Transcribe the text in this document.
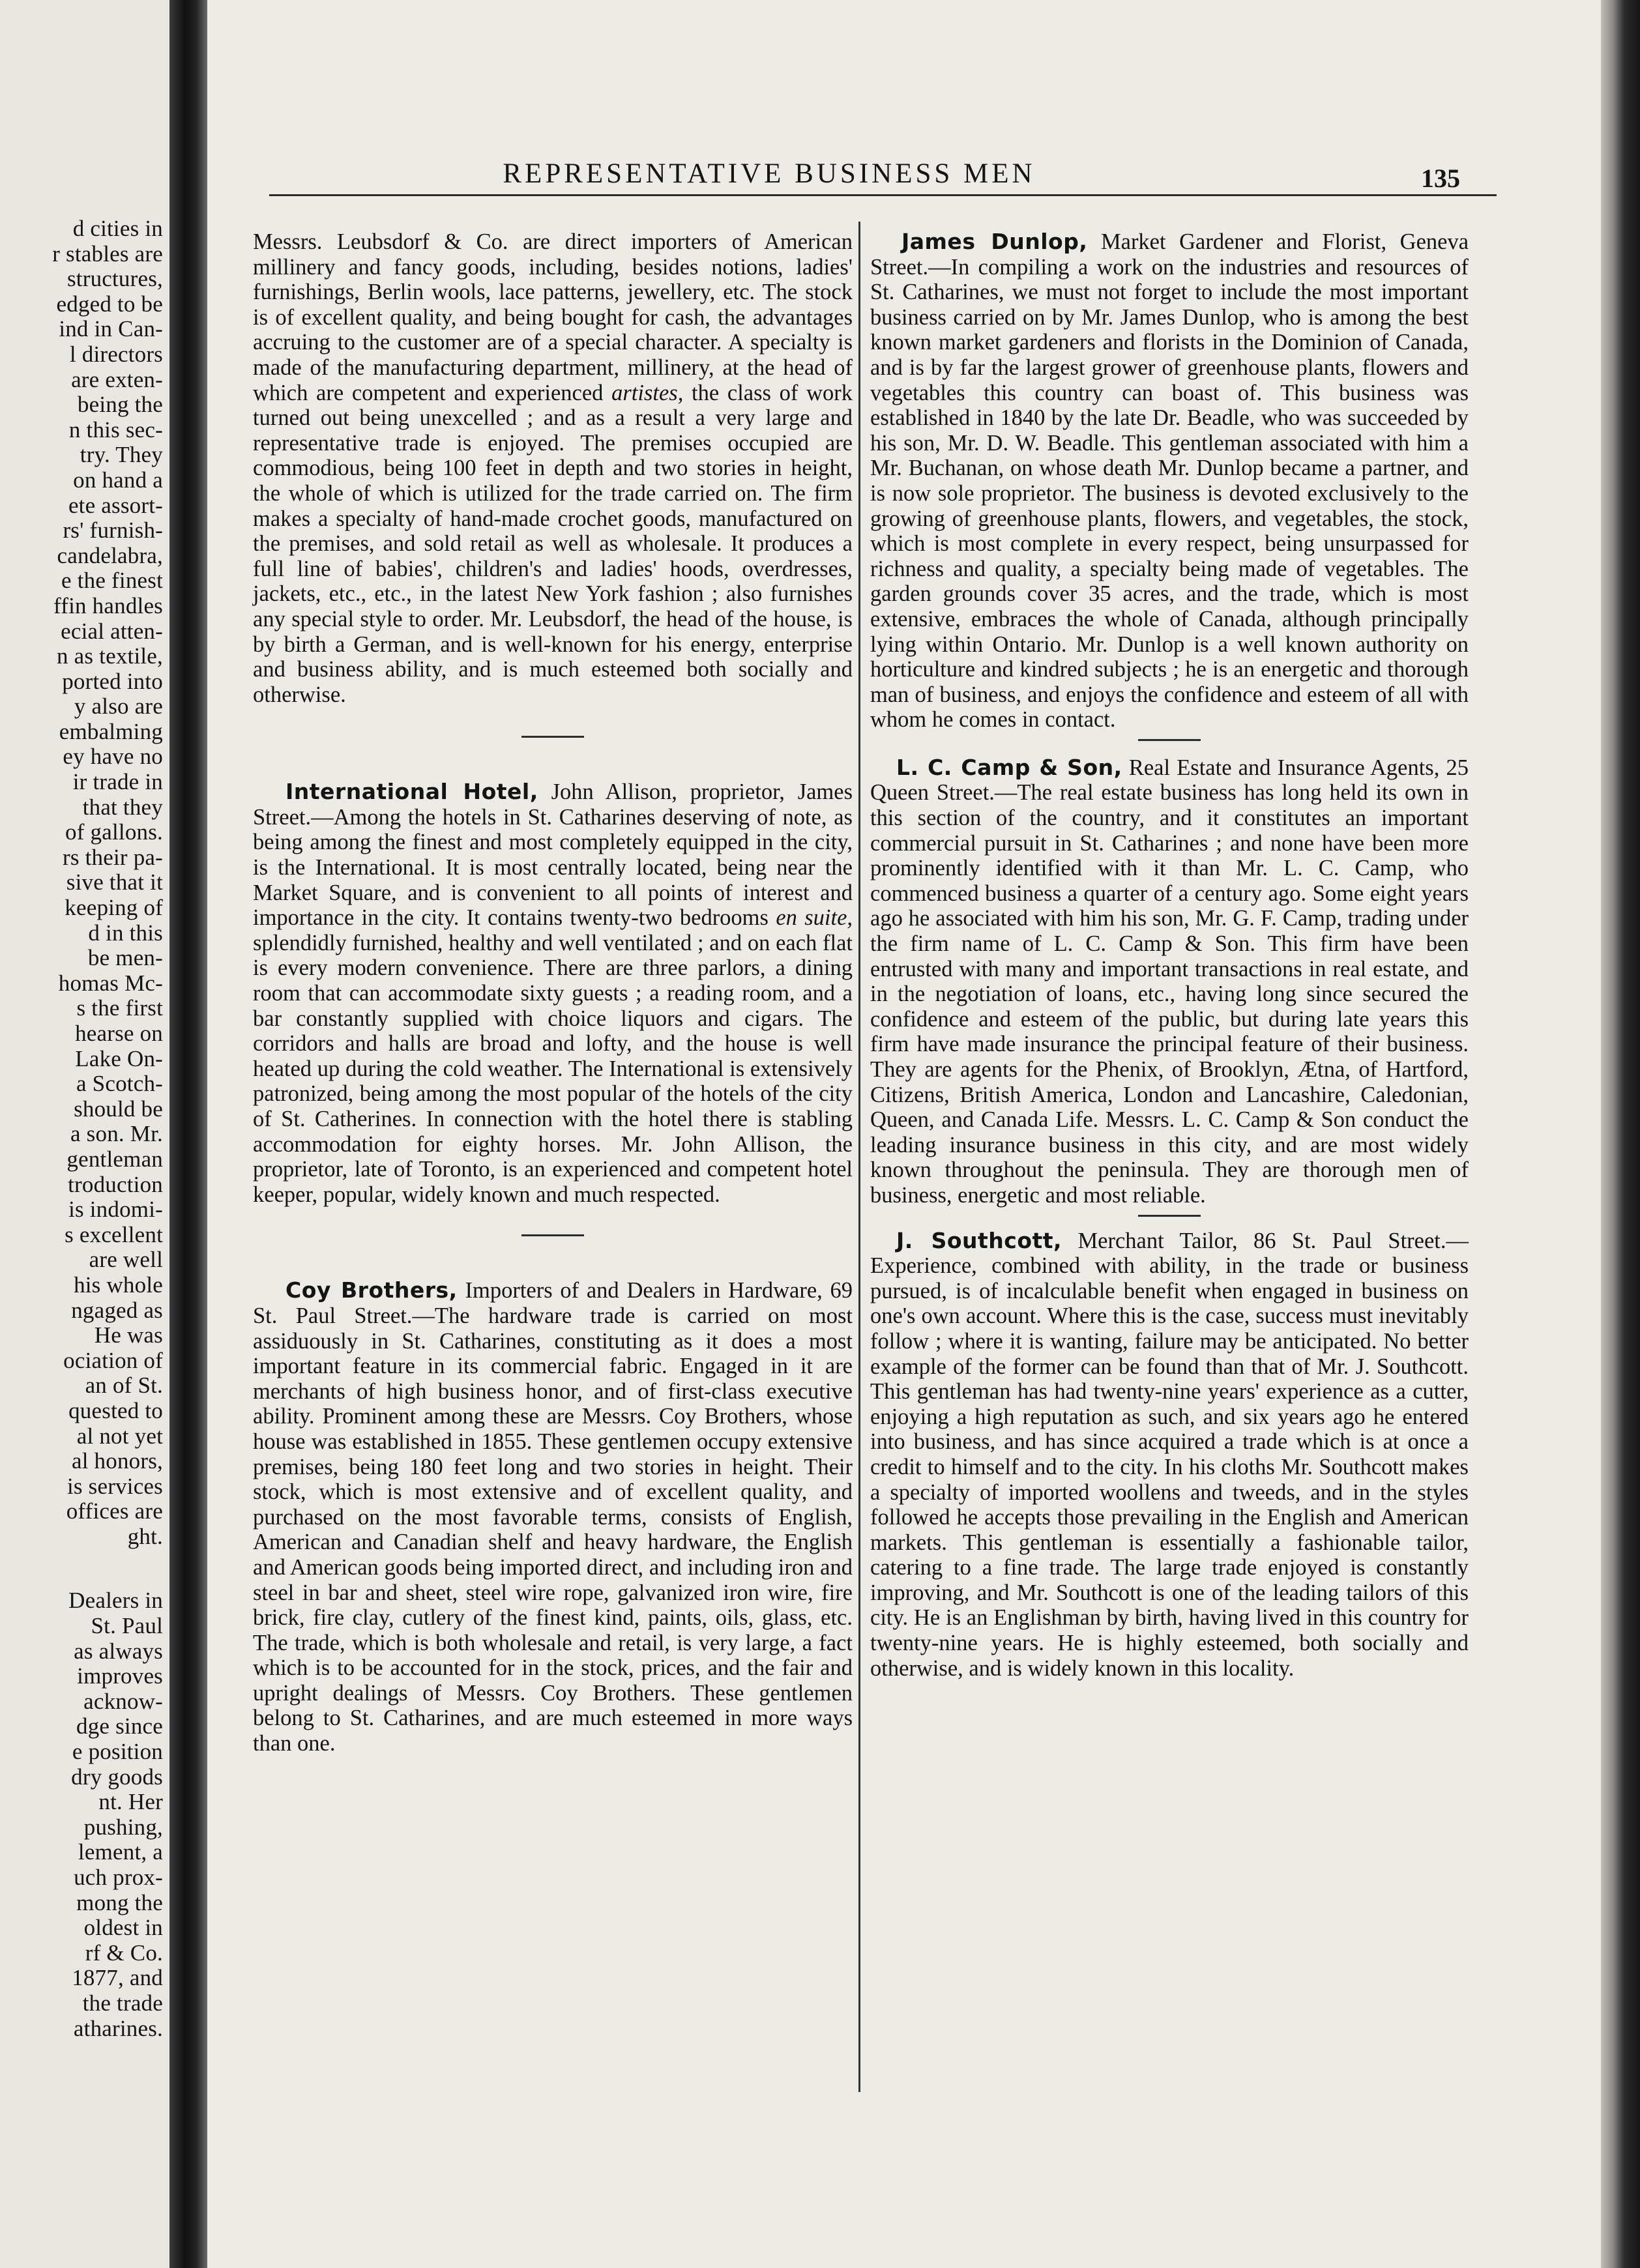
d cities in
r stables are
structures,
edged to be
ind in Can-
l directors
are exten-
being the
n this sec-
try. They
on hand a
ete assort-
rs' furnish-
candelabra,
e the finest
ffin handles
ecial atten-
n as textile,
ported into
y also are
embalming
ey have no
ir trade in
that they
of gallons.
rs their pa-
sive that it
keeping of
d in this
be men-
homas Mc-
s the first
hearse on
Lake On-
a Scotch-
should be
a son. Mr.
gentleman
troduction
is indomi-
s excellent
are well
his whole
ngaged as
He was
ociation of
an of St.
quested to
al not yet
al honors,
is services
offices are
ght.
Dealers in
St. Paul
as always
improves
acknow-
dge since
e position
dry goods
nt. Her
pushing,
lement, a
uch prox-
mong the
oldest in
rf & Co.
1877, and
the trade
atharines.
REPRESENTATIVE BUSINESS MEN	135

Messrs. Leubsdorf & Co. are direct importers of American millinery and fancy goods, including, besides notions, ladies' furnishings, Berlin wools, lace patterns, jewellery, etc. The stock is of excellent quality, and being bought for cash, the advantages accruing to the customer are of a special character. A specialty is made of the manufacturing department, millinery, at the head of which are competent and experienced artistes, the class of work turned out being unexcelled ; and as a result a very large and representative trade is enjoyed. The premises occupied are commodious, being 100 feet in depth and two stories in height, the whole of which is utilized for the trade carried on. The firm makes a specialty of hand-made crochet goods, manufactured on the premises, and sold retail as well as wholesale. It produces a full line of babies', children's and ladies' hoods, overdresses, jackets, etc., etc., in the latest New York fashion ; also furnishes any special style to order. Mr. Leubsdorf, the head of the house, is by birth a German, and is well-known for his energy, enterprise and business ability, and is much esteemed both socially and otherwise.

International Hotel, John Allison, proprietor, James Street.—Among the hotels in St. Catharines deserving of note, as being among the finest and most completely equipped in the city, is the International. It is most centrally located, being near the Market Square, and is convenient to all points of interest and importance in the city. It contains twenty-two bedrooms en suite, splendidly furnished, healthy and well ventilated ; and on each flat is every modern convenience. There are three parlors, a dining room that can accommodate sixty guests ; a reading room, and a bar constantly supplied with choice liquors and cigars. The corridors and halls are broad and lofty, and the house is well heated up during the cold weather. The International is extensively patronized, being among the most popular of the hotels of the city of St. Catherines. In connection with the hotel there is stabling accommodation for eighty horses. Mr. John Allison, the proprietor, late of Toronto, is an experienced and competent hotel keeper, popular, widely known and much respected.

Coy Brothers, Importers of and Dealers in Hardware, 69 St. Paul Street.—The hardware trade is carried on most assiduously in St. Catharines, constituting as it does a most important feature in its commercial fabric. Engaged in it are merchants of high business honor, and of first-class executive ability. Prominent among these are Messrs. Coy Brothers, whose house was established in 1855. These gentlemen occupy extensive premises, being 180 feet long and two stories in height. Their stock, which is most extensive and of excellent quality, and purchased on the most favorable terms, consists of English, American and Canadian shelf and heavy hardware, the English and American goods being imported direct, and including iron and steel in bar and sheet, steel wire rope, galvanized iron wire, fire brick, fire clay, cutlery of the finest kind, paints, oils, glass, etc. The trade, which is both wholesale and retail, is very large, a fact which is to be accounted for in the stock, prices, and the fair and upright dealings of Messrs. Coy Brothers. These gentlemen belong to St. Catharines, and are much esteemed in more ways than one.

James Dunlop, Market Gardener and Florist, Geneva Street.—In compiling a work on the industries and resources of St. Catharines, we must not forget to include the most important business carried on by Mr. James Dunlop, who is among the best known market gardeners and florists in the Dominion of Canada, and is by far the largest grower of greenhouse plants, flowers and vegetables this country can boast of. This business was established in 1840 by the late Dr. Beadle, who was succeeded by his son, Mr. D. W. Beadle. This gentleman associated with him a Mr. Buchanan, on whose death Mr. Dunlop became a partner, and is now sole proprietor. The business is devoted exclusively to the growing of greenhouse plants, flowers, and vegetables, the stock, which is most complete in every respect, being unsurpassed for richness and quality, a specialty being made of vegetables. The garden grounds cover 35 acres, and the trade, which is most extensive, embraces the whole of Canada, although principally lying within Ontario. Mr. Dunlop is a well known authority on horticulture and kindred subjects ; he is an energetic and thorough man of business, and enjoys the confidence and esteem of all with whom he comes in contact.

L. C. Camp & Son, Real Estate and Insurance Agents, 25 Queen Street.—The real estate business has long held its own in this section of the country, and it constitutes an important commercial pursuit in St. Catharines ; and none have been more prominently identified with it than Mr. L. C. Camp, who commenced business a quarter of a century ago. Some eight years ago he associated with him his son, Mr. G. F. Camp, trading under the firm name of L. C. Camp & Son. This firm have been entrusted with many and important transactions in real estate, and in the negotiation of loans, etc., having long since secured the confidence and esteem of the public, but during late years this firm have made insurance the principal feature of their business. They are agents for the Phenix, of Brooklyn, Ætna, of Hartford, Citizens, British America, London and Lancashire, Caledonian, Queen, and Canada Life. Messrs. L. C. Camp & Son conduct the leading insurance business in this city, and are most widely known throughout the peninsula. They are thorough men of business, energetic and most reliable.

J. Southcott, Merchant Tailor, 86 St. Paul Street.—Experience, combined with ability, in the trade or business pursued, is of incalculable benefit when engaged in business on one's own account. Where this is the case, success must inevitably follow ; where it is wanting, failure may be anticipated. No better example of the former can be found than that of Mr. J. Southcott. This gentleman has had twenty-nine years' experience as a cutter, enjoying a high reputation as such, and six years ago he entered into business, and has since acquired a trade which is at once a credit to himself and to the city. In his cloths Mr. Southcott makes a specialty of imported woollens and tweeds, and in the styles followed he accepts those prevailing in the English and American markets. This gentleman is essentially a fashionable tailor, catering to a fine trade. The large trade enjoyed is constantly improving, and Mr. Southcott is one of the leading tailors of this city. He is an Englishman by birth, having lived in this country for twenty-nine years. He is highly esteemed, both socially and otherwise, and is widely known in this locality.
